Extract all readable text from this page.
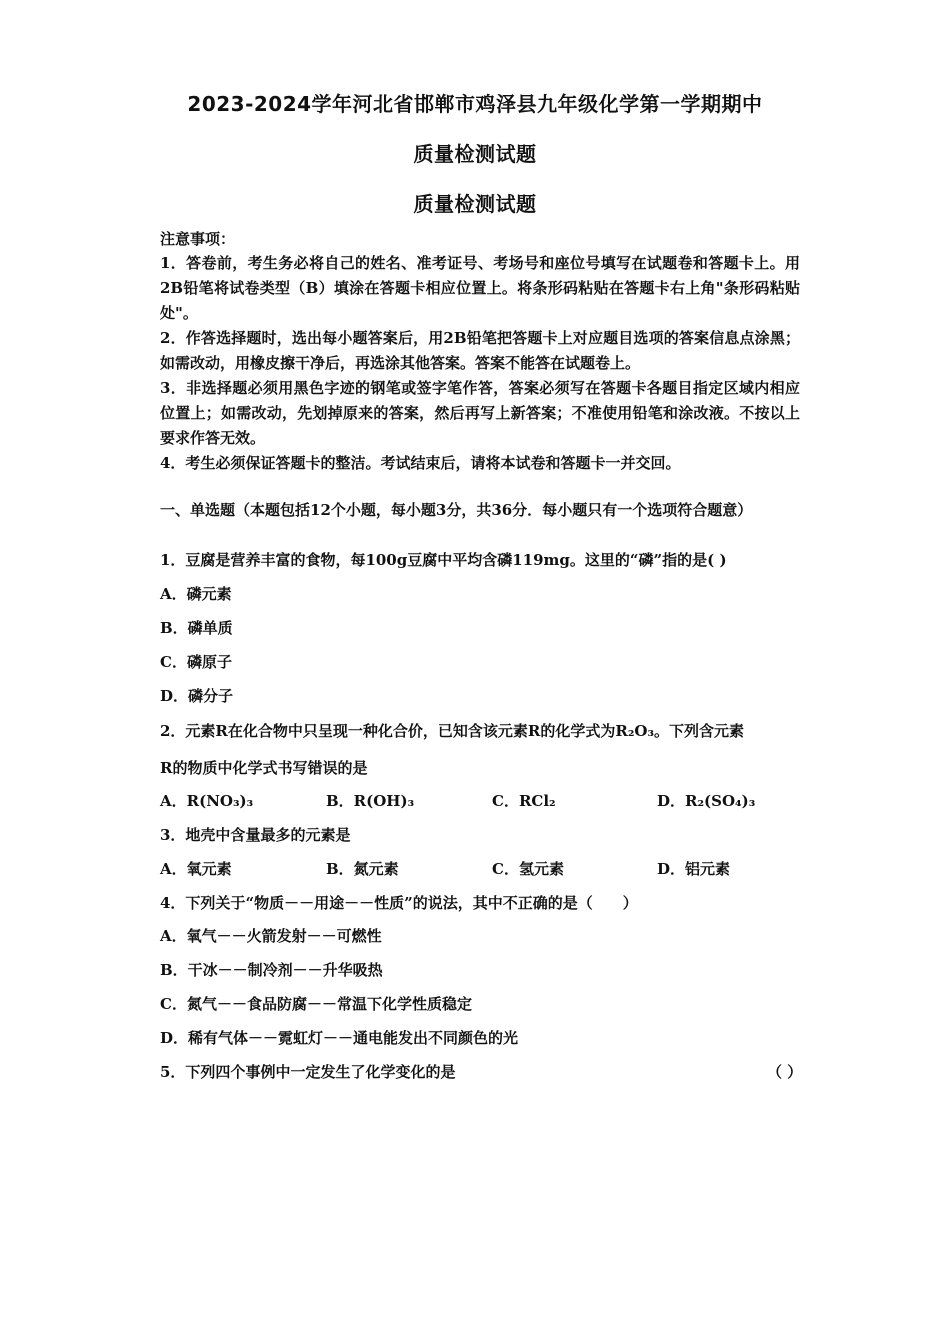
2023-2024学年河北省邯郸市鸡泽县九年级化学第一学期期中
质量检测试题
质量检测试题
注意事项：

1．答卷前，考生务必将自己的姓名、准考证号、考场号和座位号填写在试题卷和答题卡上。用2B铅笔将试卷类型（B）填涂在答题卡相应位置上。将条形码粘贴在答题卡右上角"条形码粘贴处"。

2．作答选择题时，选出每小题答案后，用2B铅笔把答题卡上对应题目选项的答案信息点涂黑；如需改动，用橡皮擦干净后，再选涂其他答案。答案不能答在试题卷上。

3．非选择题必须用黑色字迹的钢笔或签字笔作答，答案必须写在答题卡各题目指定区域内相应位置上；如需改动，先划掉原来的答案，然后再写上新答案；不准使用铅笔和涂改液。不按以上要求作答无效。

4．考生必须保证答题卡的整洁。考试结束后，请将本试卷和答题卡一并交回。

一、单选题（本题包括12个小题，每小题3分，共36分．每小题只有一个选项符合题意）

1．豆腐是营养丰富的食物，每100g豆腐中平均含磷119mg。这里的“磷”指的是( )
A．磷元素
B．磷单质
C．磷原子
D．磷分子
2．元素R在化合物中只呈现一种化合价，已知含该元素R的化学式为R₂O₃。下列含元素
R的物质中化学式书写错误的是
A．R(NO₃)₃	B．R(OH)₃	C．RCl₂	D．R₂(SO₄)₃
3．地壳中含量最多的元素是
A．氧元素	B．氮元素	C．氢元素	D．铝元素
4．下列关于“物质－－用途－－性质”的说法，其中不正确的是（　　）
A．氧气－－火箭发射－－可燃性
B．干冰－－制冷剂－－升华吸热
C．氮气－－食品防腐－－常温下化学性质稳定
D．稀有气体－－霓虹灯－－通电能发出不同颜色的光
5．下列四个事例中一定发生了化学变化的是	（ ）
